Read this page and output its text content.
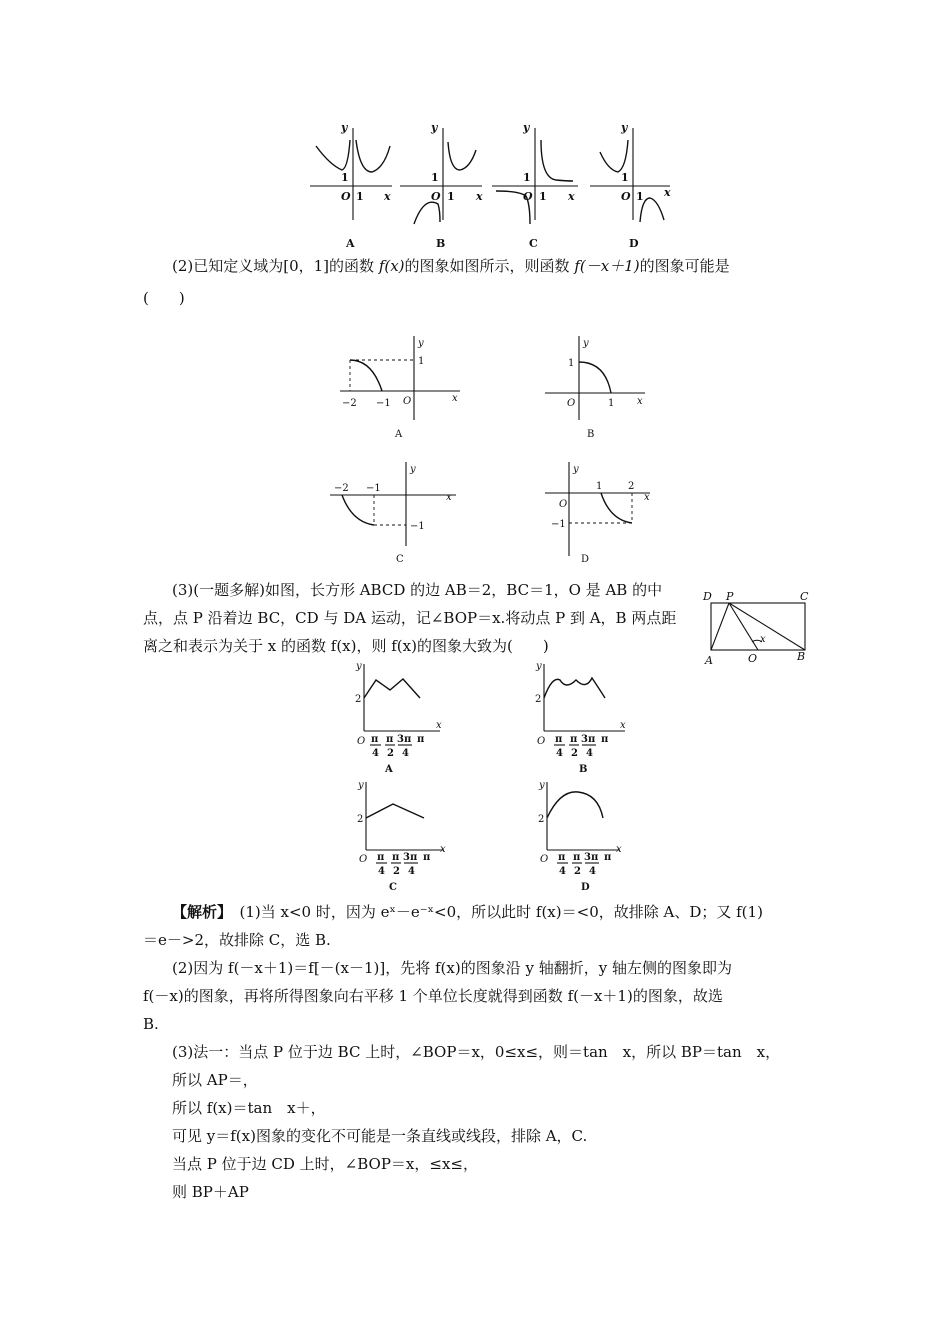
y
1
O 1 x
A
y
1
O 1 x
B
y
1
O 1 x
C
y
1
O 1 x
D
(2)已知定义域为[0，1]的函数 f(x)的图象如图所示，则函数 f(－x＋1)的图象可能是
(　　)
y
1
−2 −1 O	x
A
y
1
O	1 x
B
y
−2 −1
−1
x
C
y
1	2
O
−1
x
D
(3)(一题多解)如图，长方形 ABCD 的边 AB＝2，BC＝1，O 是 AB 的中
点，点 P 沿着边 BC，CD 与 DA 运动，记∠BOP＝x.将动点 P 到 A，B 两点距
离之和表示为关于 x 的函数 f(x)，则 f(x)的图象大致为(　　)
D P	C
A	O	B
x
y
2
O
x
π π 3π π
4 2 4
A
y
2
O
x
π π 3π π
4 2 4
B
y
2
O
x
π π 3π π
4 2 4
C
y
2
O
x
π π 3π π
4 2 4
D
【解析】　(1)当 x<0 时，因为 eˣ－e⁻ˣ<0，所以此时 f(x)＝<0，故排除 A、D；又 f(1)
＝e－>2，故排除 C，选 B.
(2)因为 f(－x＋1)＝f[－(x－1)]，先将 f(x)的图象沿 y 轴翻折，y 轴左侧的图象即为
f(－x)的图象，再将所得图象向右平移 1 个单位长度就得到函数 f(－x＋1)的图象，故选
B.
(3)法一：当点 P 位于边 BC 上时，∠BOP＝x，0≤x≤，则＝tan　x，所以 BP＝tan　x，
所以 AP＝，
所以 f(x)＝tan　x＋，
可见 y＝f(x)图象的变化不可能是一条直线或线段，排除 A，C.
当点 P 位于边 CD 上时，∠BOP＝x，≤x≤，
则 BP＋AP
